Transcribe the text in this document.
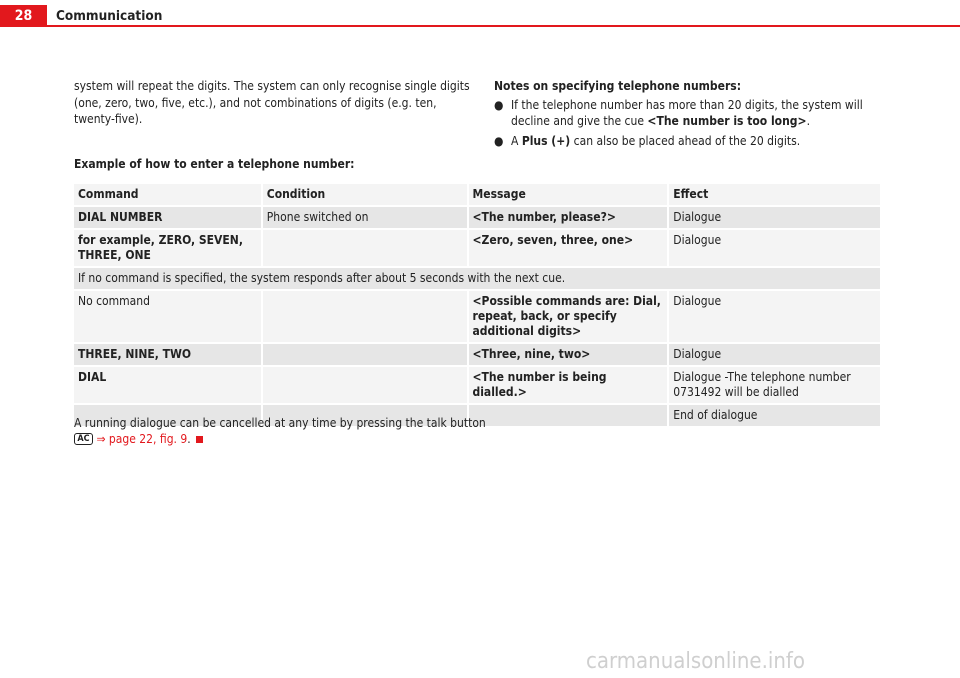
28	Communication

system will repeat the digits. The system can only recognise single digits (one, zero, two, five, etc.), and not combinations of digits (e.g. ten, twenty-five).

Notes on specifying telephone numbers:
● If the telephone number has more than 20 digits, the system will decline and give the cue <The number is too long>.
● A Plus (+) can also be placed ahead of the 20 digits.
Example of how to enter a telephone number:
Command	Condition	Message	Effect
DIAL NUMBER	Phone switched on	<The number, please?>	Dialogue
for example, ZERO, SEVEN, THREE, ONE		<Zero, seven, three, one>	Dialogue
If no command is specified, the system responds after about 5 seconds with the next cue.			
No command		<Possible commands are: Dial, repeat, back, or specify additional digits>	Dialogue
THREE, NINE, TWO		<Three, nine, two>	Dialogue
DIAL		<The number is being dialled.>	Dialogue -The telephone number 0731492 will be dialled
			End of dialogue
A running dialogue can be cancelled at any time by pressing the talk button
AC ⇒ page 22, fig. 9.
carmanualsonline.info
